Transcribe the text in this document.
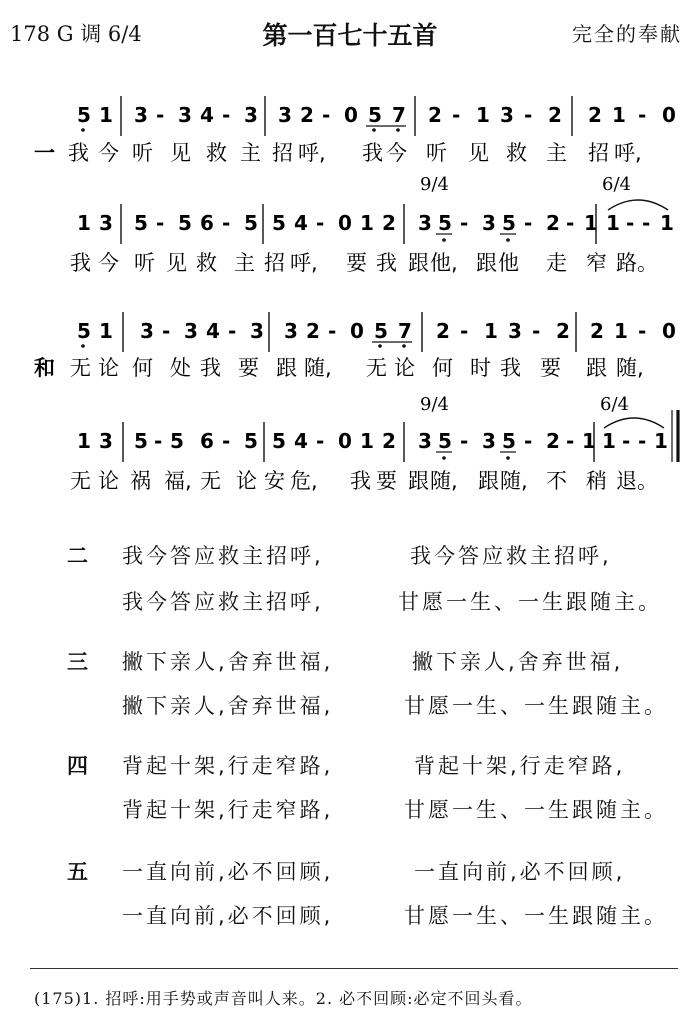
178 G 调 6/4	第一百七十五首	完全的奉献
5 1 3 - 3 4 - 3 3 2 - 0 5 7 2 - 1 3 - 2 2 1 - 0
一 我 今 听 见 救 主 招 呼, 我 今 听 见 救 主 招 呼,
9/4	6/4
1 3 5 - 5 6 - 5 5 4 - 0 1 2 3 5 - 3 5 - 2 - 1 1 - - 1
我 今 听 见 救 主 招 呼, 要 我 跟 他, 跟 他 走 窄 路。
5 1 3 - 3 4 - 3 3 2 - 0 5 7 2 - 1 3 - 2 2 1 - 0
和 无 论 何 处 我 要 跟 随, 无 论 何 时 我 要 跟 随,
9/4	6/4
1 3 5 - 5 6 - 5 5 4 - 0 1 2 3 5 - 3 5 - 2 - 1 1 - - 1
无 论 祸 福, 无 论 安 危, 我 要 跟 随, 跟 随, 不 稍 退。
二 我今答应救主招呼,	我今答应救主招呼,
我今答应救主招呼,	甘愿一生、一生跟随主。
三 撇下亲人,舍弃世福,	撇下亲人,舍弃世福,
撇下亲人,舍弃世福,	甘愿一生、一生跟随主。
四 背起十架,行走窄路,	背起十架,行走窄路,
背起十架,行走窄路,	甘愿一生、一生跟随主。
五 一直向前,必不回顾,	一直向前,必不回顾,
一直向前,必不回顾,	甘愿一生、一生跟随主。
(175)1. 招呼:用手势或声音叫人来。2. 必不回顾:必定不回头看。
